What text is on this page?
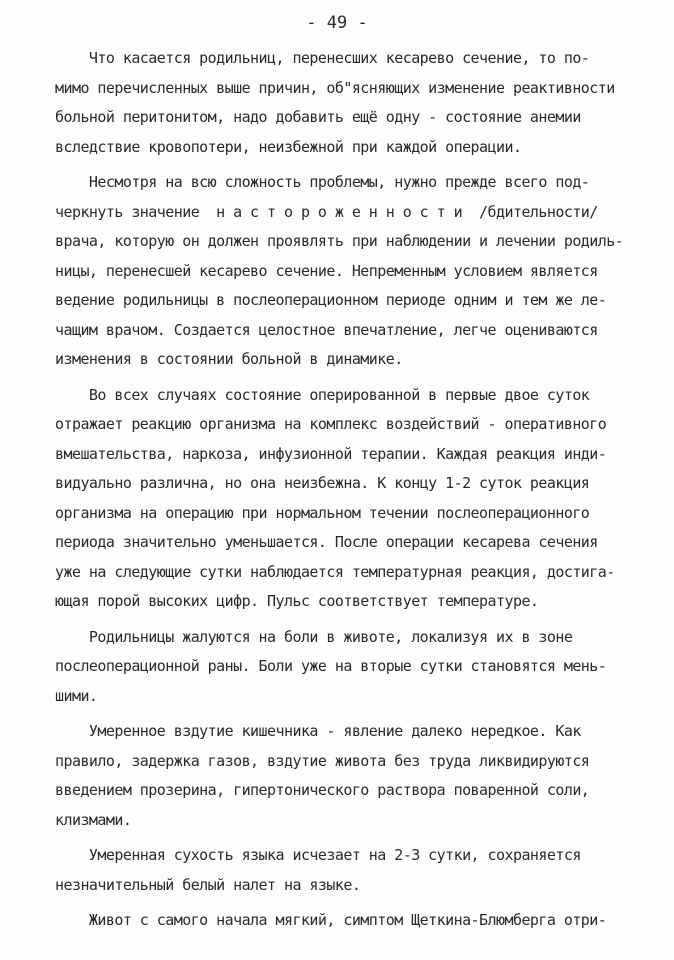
- 49 -
Что касается родильниц, перенесших кесарево сечение, то по-
мимо перечисленных выше причин, об"ясняющих изменение реактивности
больной перитонитом, надо добавить ещё одну - состояние анемии
вследствие кровопотери, неизбежной при каждой операции.
Несмотря на всю сложность проблемы, нужно прежде всего под-
черкнуть значение  н а с т о р о ж е н н о с т и  /бдительности/
врача, которую он должен проявлять при наблюдении и лечении родиль-
ницы, перенесшей кесарево сечение. Непременным условием является
ведение родильницы в послеоперационном периоде одним и тем же ле-
чащим врачом. Создается целостное впечатление, легче оцениваются
изменения в состоянии больной в динамике.
Во всех случаях состояние оперированной в первые двое суток
отражает реакцию организма на комплекс воздействий - оперативного
вмешательства, наркоза, инфузионной терапии. Каждая реакция инди-
видуально различна, но она неизбежна. К концу 1-2 суток реакция
организма на операцию при нормальном течении послеоперационного
периода значительно уменьшается. После операции кесарева сечения
уже на следующие сутки наблюдается температурная реакция, достига-
ющая порой высоких цифр. Пульс соответствует температуре.
Родильницы жалуются на боли в животе, локализуя их в зоне
послеоперационной раны. Боли уже на вторые сутки становятся мень-
шими.
Умеренное вздутие кишечника - явление далеко нередкое. Как
правило, задержка газов, вздутие живота без труда ликвидируются
введением прозерина, гипертонического раствора поваренной соли,
клизмами.
Умеренная сухость языка исчезает на 2-3 сутки, сохраняется
незначительный белый налет на языке.
Живот с самого начала мягкий, симптом Щеткина-Блюмберга отри-
